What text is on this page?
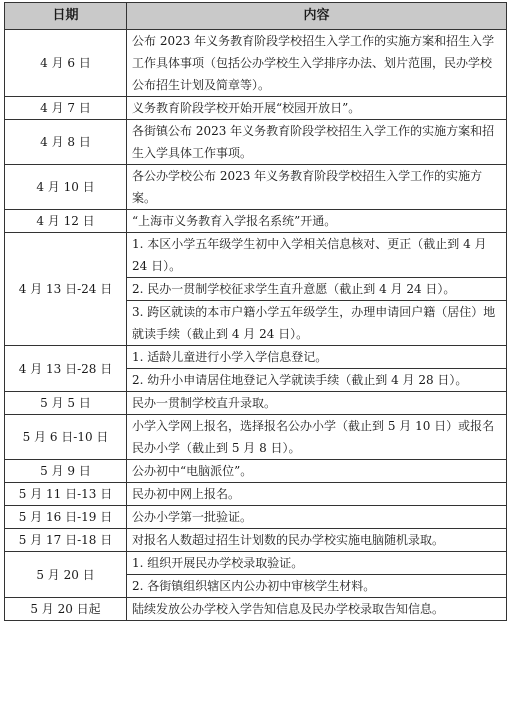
日期	内容
4 月 6 日	公布 2023 年义务教育阶段学校招生入学工作的实施方案和招生入学工作具体事项（包括公办学校生入学排序办法、划片范围，民办学校公布招生计划及简章等）。
4 月 7 日	义务教育阶段学校开始开展“校园开放日”。
4 月 8 日	各街镇公布 2023 年义务教育阶段学校招生入学工作的实施方案和招生入学具体工作事项。
4 月 10 日	各公办学校公布 2023 年义务教育阶段学校招生入学工作的实施方案。
4 月 12 日	“上海市义务教育入学报名系统”开通。
4 月 13 日-24 日	1. 本区小学五年级学生初中入学相关信息核对、更正（截止到 4 月 24 日）。
	2. 民办一贯制学校征求学生直升意愿（截止到 4 月 24 日）。
	3. 跨区就读的本市户籍小学五年级学生，办理申请回户籍（居住）地就读手续（截止到 4 月 24 日）。
4 月 13 日-28 日	1. 适龄儿童进行小学入学信息登记。
	2. 幼升小申请居住地登记入学就读手续（截止到 4 月 28 日）。
5 月 5 日	民办一贯制学校直升录取。
5 月 6 日-10 日	小学入学网上报名，选择报名公办小学（截止到 5 月 10 日）或报名民办小学（截止到 5 月 8 日）。
5 月 9 日	公办初中“电脑派位”。
5 月 11 日-13 日	民办初中网上报名。
5 月 16 日-19 日	公办小学第一批验证。
5 月 17 日-18 日	对报名人数超过招生计划数的民办学校实施电脑随机录取。
5 月 20 日	1. 组织开展民办学校录取验证。
	2. 各街镇组织辖区内公办初中审核学生材料。
5 月 20 日起	陆续发放公办学校入学告知信息及民办学校录取告知信息。
